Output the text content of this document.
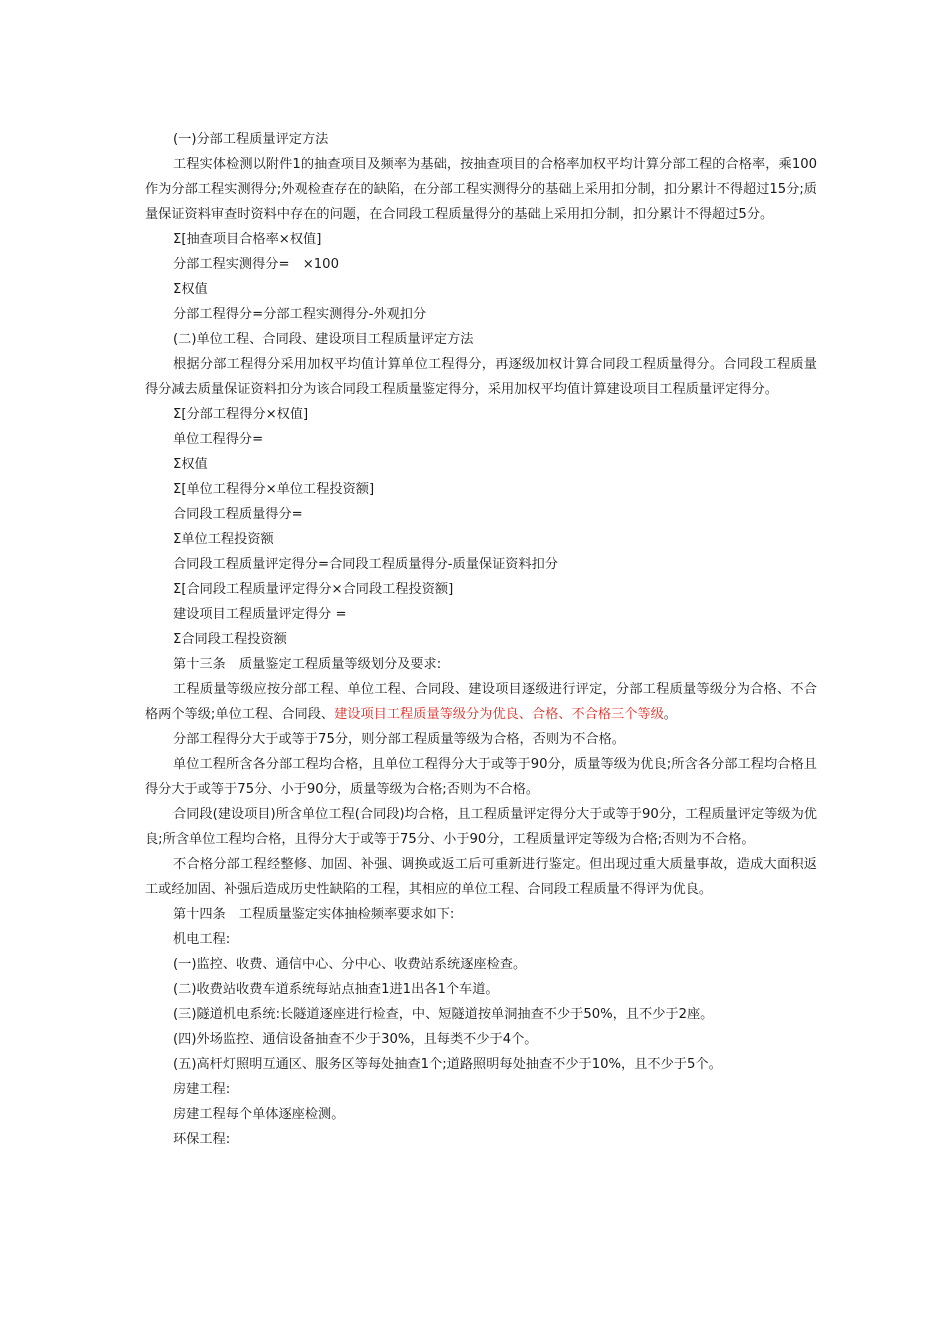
(一)分部工程质量评定方法

工程实体检测以附件1的抽查项目及频率为基础，按抽查项目的合格率加权平均计算分部工程的合格率，乘100作为分部工程实测得分;外观检查存在的缺陷，在分部工程实测得分的基础上采用扣分制，扣分累计不得超过15分;质量保证资料审查时资料中存在的问题，在合同段工程质量得分的基础上采用扣分制，扣分累计不得超过5分。

Σ[抽查项目合格率×权值]

分部工程实测得分=　×100

Σ权值

分部工程得分=分部工程实测得分-外观扣分

(二)单位工程、合同段、建设项目工程质量评定方法

根据分部工程得分采用加权平均值计算单位工程得分，再逐级加权计算合同段工程质量得分。合同段工程质量得分减去质量保证资料扣分为该合同段工程质量鉴定得分，采用加权平均值计算建设项目工程质量评定得分。

Σ[分部工程得分×权值]

单位工程得分=

Σ权值

Σ[单位工程得分×单位工程投资额]

合同段工程质量得分=

Σ单位工程投资额

合同段工程质量评定得分=合同段工程质量得分-质量保证资料扣分

Σ[合同段工程质量评定得分×合同段工程投资额]

建设项目工程质量评定得分 =

Σ合同段工程投资额

第十三条　质量鉴定工程质量等级划分及要求:

工程质量等级应按分部工程、单位工程、合同段、建设项目逐级进行评定，分部工程质量等级分为合格、不合格两个等级;单位工程、合同段、建设项目工程质量等级分为优良、合格、不合格三个等级。

分部工程得分大于或等于75分，则分部工程质量等级为合格，否则为不合格。

单位工程所含各分部工程均合格，且单位工程得分大于或等于90分，质量等级为优良;所含各分部工程均合格且得分大于或等于75分、小于90分，质量等级为合格;否则为不合格。

合同段(建设项目)所含单位工程(合同段)均合格，且工程质量评定得分大于或等于90分，工程质量评定等级为优良;所含单位工程均合格，且得分大于或等于75分、小于90分，工程质量评定等级为合格;否则为不合格。

不合格分部工程经整修、加固、补强、调换或返工后可重新进行鉴定。但出现过重大质量事故，造成大面积返工或经加固、补强后造成历史性缺陷的工程，其相应的单位工程、合同段工程质量不得评为优良。

第十四条　工程质量鉴定实体抽检频率要求如下:

机电工程:

(一)监控、收费、通信中心、分中心、收费站系统逐座检查。

(二)收费站收费车道系统每站点抽查1进1出各1个车道。

(三)隧道机电系统:长隧道逐座进行检查，中、短隧道按单洞抽查不少于50%，且不少于2座。

(四)外场监控、通信设备抽查不少于30%，且每类不少于4个。

(五)高杆灯照明互通区、服务区等每处抽查1个;道路照明每处抽查不少于10%，且不少于5个。

房建工程:

房建工程每个单体逐座检测。

环保工程:
